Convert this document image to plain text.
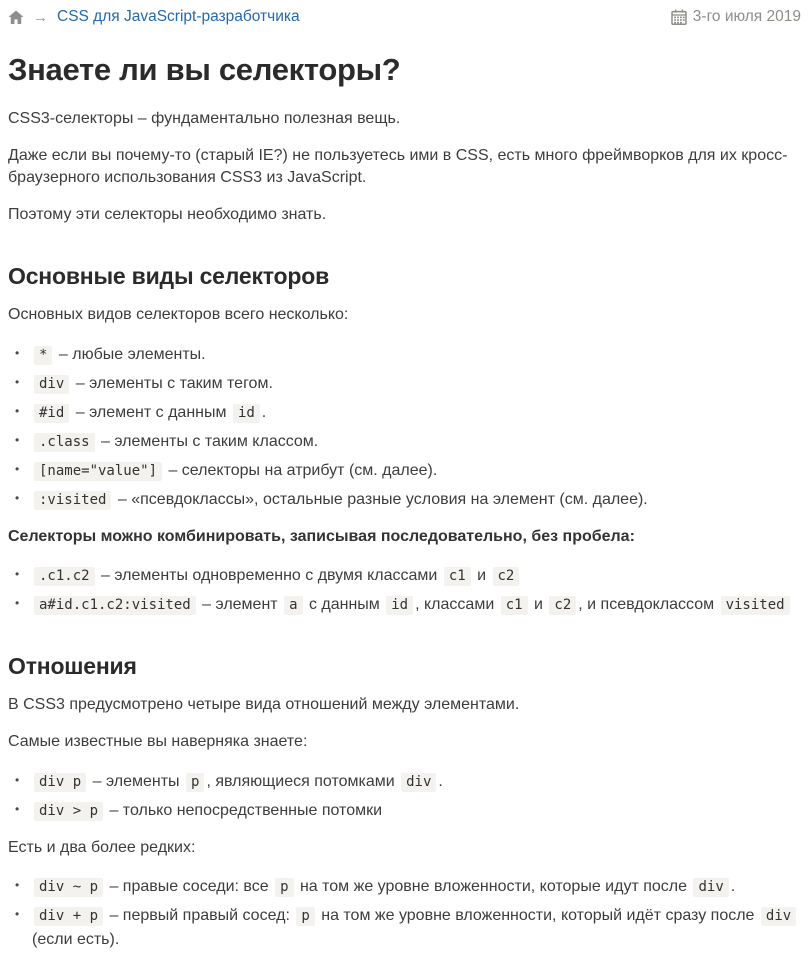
→ CSS для JavaScript-разработчика	3-го июля 2019
Знаете ли вы селекторы?

CSS3-селекторы – фундаментально полезная вещь.

Даже если вы почему-то (старый IE?) не пользуетесь ими в CSS, есть много фреймворков для их кросс-браузерного использования CSS3 из JavaScript.

Поэтому эти селекторы необходимо знать.

Основные виды селекторов

Основных видов селекторов всего несколько:

• * – любые элементы.
• div – элементы с таким тегом.
• #id – элемент с данным id .
• .class – элементы с таким классом.
• [name="value"] – селекторы на атрибут (см. далее).
• :visited – «псевдоклассы», остальные разные условия на элемент (см. далее).

Селекторы можно комбинировать, записывая последовательно, без пробела:

• .c1.c2 – элементы одновременно с двумя классами c1 и c2
• a#id.c1.c2:visited – элемент a с данным id , классами c1 и c2 , и псевдоклассом visited
Отношения

В CSS3 предусмотрено четыре вида отношений между элементами.

Самые известные вы наверняка знаете:

• div p – элементы p , являющиеся потомками div .
• div > p – только непосредственные потомки

Есть и два более редких:

• div ~ p – правые соседи: все p на том же уровне вложенности, которые идут после div .
• div + p – первый правый сосед: p на том же уровне вложенности, который идёт сразу после div (если есть).
